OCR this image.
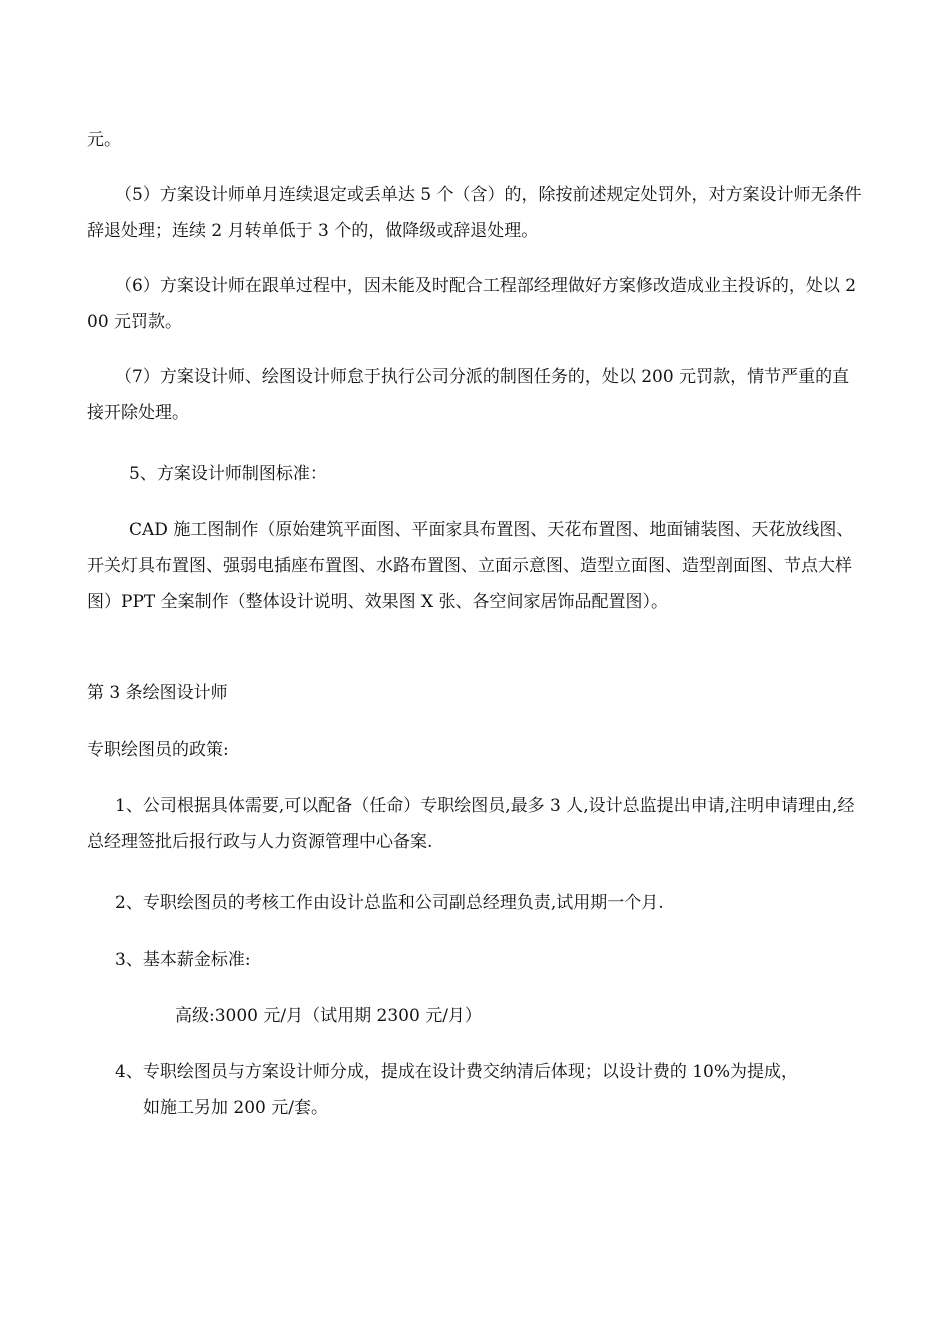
元。

（5）方案设计师单月连续退定或丢单达 5 个（含）的，除按前述规定处罚外，对方案设计师无条件辞退处理；连续 2 月转单低于 3 个的，做降级或辞退处理。

（6）方案设计师在跟单过程中，因未能及时配合工程部经理做好方案修改造成业主投诉的，处以 200 元罚款。

（7）方案设计师、绘图设计师怠于执行公司分派的制图任务的，处以 200 元罚款，情节严重的直接开除处理。

5、方案设计师制图标准：

CAD 施工图制作（原始建筑平面图、平面家具布置图、天花布置图、地面铺装图、天花放线图、开关灯具布置图、强弱电插座布置图、水路布置图、立面示意图、造型立面图、造型剖面图、节点大样图）PPT 全案制作（整体设计说明、效果图 X 张、各空间家居饰品配置图）。

第 3 条绘图设计师

专职绘图员的政策:

1、公司根据具体需要,可以配备（任命）专职绘图员,最多 3 人,设计总监提出申请,注明申请理由,经总经理签批后报行政与人力资源管理中心备案.

2、专职绘图员的考核工作由设计总监和公司副总经理负责,试用期一个月.

3、基本薪金标准:

高级:3000 元/月（试用期 2300 元/月）

4、专职绘图员与方案设计师分成，提成在设计费交纳清后体现；以设计费的 10%为提成，
如施工另加 200 元/套。
